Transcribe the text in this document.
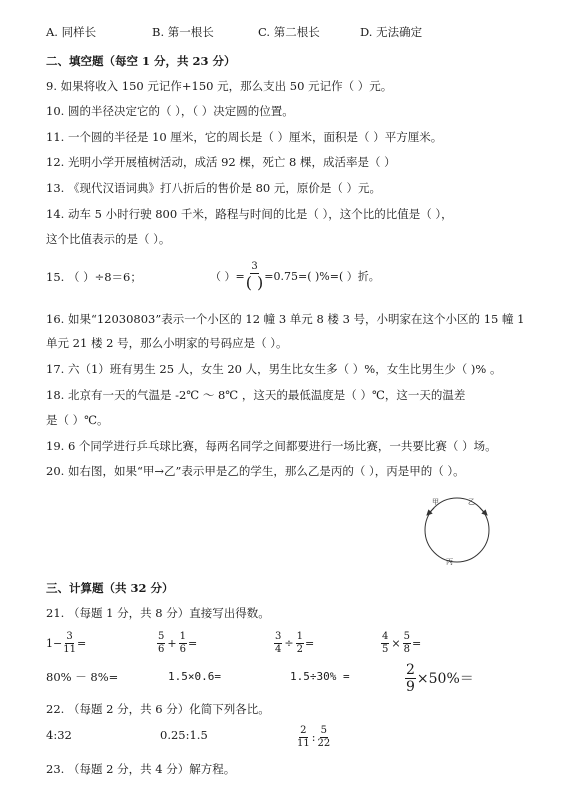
A. 同样长	B. 第一根长	C. 第二根长	D. 无法确定
二、填空题（每空 1 分，共 23 分）
9. 如果将收入 150 元记作+150 元，那么支出 50 元记作（ ）元。
10. 圆的半径决定它的（ ），（ ）决定圆的位置。
11. 一个圆的半径是 10 厘米，它的周长是（ ）厘米，面积是（ ）平方厘米。
12. 光明小学开展植树活动，成活 92 棵，死亡 8 棵，成活率是（ ）
13. 《现代汉语词典》打八折后的售价是 80 元，原价是（ ）元。
14. 动车 5 小时行驶 800 千米，路程与时间的比是（ ），这个比的比值是（ ），
这个比值表示的是（ ）。
15. （ ）÷8＝6；	（ ）= $\frac{3}{( )} =0.75=$( )%=( ）折。
16. 如果“12030803”表示一个小区的 12 幢 3 单元 8 楼 3 号，小明家在这个小区的 15 幢 1
单元 21 楼 2 号，那么小明家的号码应是（ ）。
17. 六（1）班有男生 25 人，女生 20 人，男生比女生多（ ）%，女生比男生少（ )% 。
18. 北京有一天的气温是 -2℃ ～ 8℃ ，这天的最低温度是（ ）℃，这一天的温差
是（ ）℃。
19. 6 个同学进行乒乓球比赛，每两名同学之间都要进行一场比赛，一共要比赛（ ）场。
20. 如右图，如果“甲→乙”表示甲是乙的学生，那么乙是丙的（ ），丙是甲的（ ）。
甲	乙
丙
三、计算题（共 32 分）
21. （每题 1 分，共 8 分）直接写出得数。
$1- \frac{3}{11}$ =	$\frac{5}{6} + \frac{1}{6}$ =	$\frac{3}{4} \div \frac{1}{2}$ =	$\frac{4}{5} \times \frac{5}{8}$ =
80% － 8%=	1.5×0.6=	1.5÷30% =	$\frac{2}{9} \times 50\%=$
22. （每题 2 分，共 6 分）化简下列各比。
4:32	0.25:1.5	$\frac{2}{11}$ : $\frac{5}{22}$
23. （每题 2 分，共 4 分）解方程。
